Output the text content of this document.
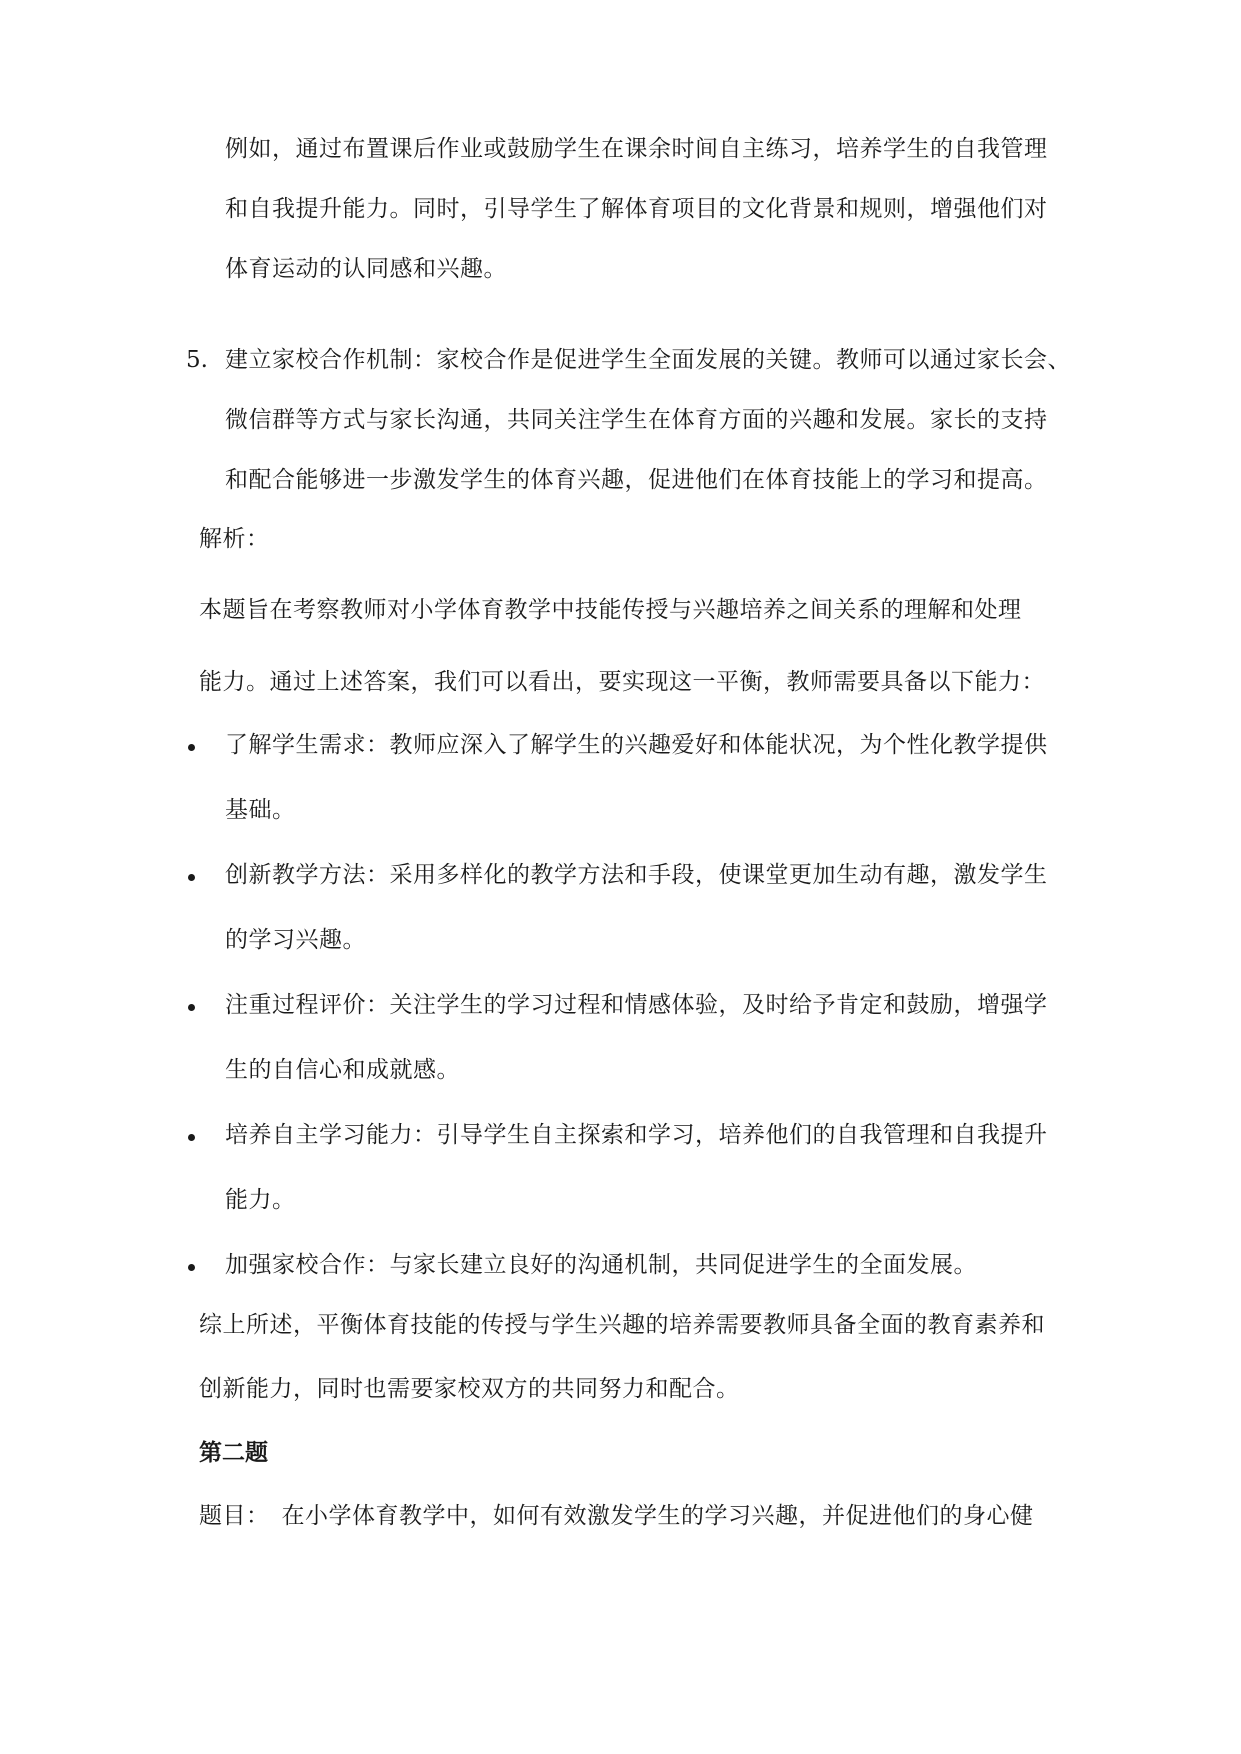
例如，通过布置课后作业或鼓励学生在课余时间自主练习，培养学生的自我管理
和自我提升能力。同时，引导学生了解体育项目的文化背景和规则，增强他们对
体育运动的认同感和兴趣。
5. 建立家校合作机制：家校合作是促进学生全面发展的关键。教师可以通过家长会、
微信群等方式与家长沟通，共同关注学生在体育方面的兴趣和发展。家长的支持
和配合能够进一步激发学生的体育兴趣，促进他们在体育技能上的学习和提高。
解析：
本题旨在考察教师对小学体育教学中技能传授与兴趣培养之间关系的理解和处理
能力。通过上述答案，我们可以看出，要实现这一平衡，教师需要具备以下能力：
了解学生需求：教师应深入了解学生的兴趣爱好和体能状况，为个性化教学提供
基础。
创新教学方法：采用多样化的教学方法和手段，使课堂更加生动有趣，激发学生
的学习兴趣。
注重过程评价：关注学生的学习过程和情感体验，及时给予肯定和鼓励，增强学
生的自信心和成就感。
培养自主学习能力：引导学生自主探索和学习，培养他们的自我管理和自我提升
能力。
加强家校合作：与家长建立良好的沟通机制，共同促进学生的全面发展。
综上所述，平衡体育技能的传授与学生兴趣的培养需要教师具备全面的教育素养和
创新能力，同时也需要家校双方的共同努力和配合。
第二题
题目：　在小学体育教学中，如何有效激发学生的学习兴趣，并促进他们的身心健
